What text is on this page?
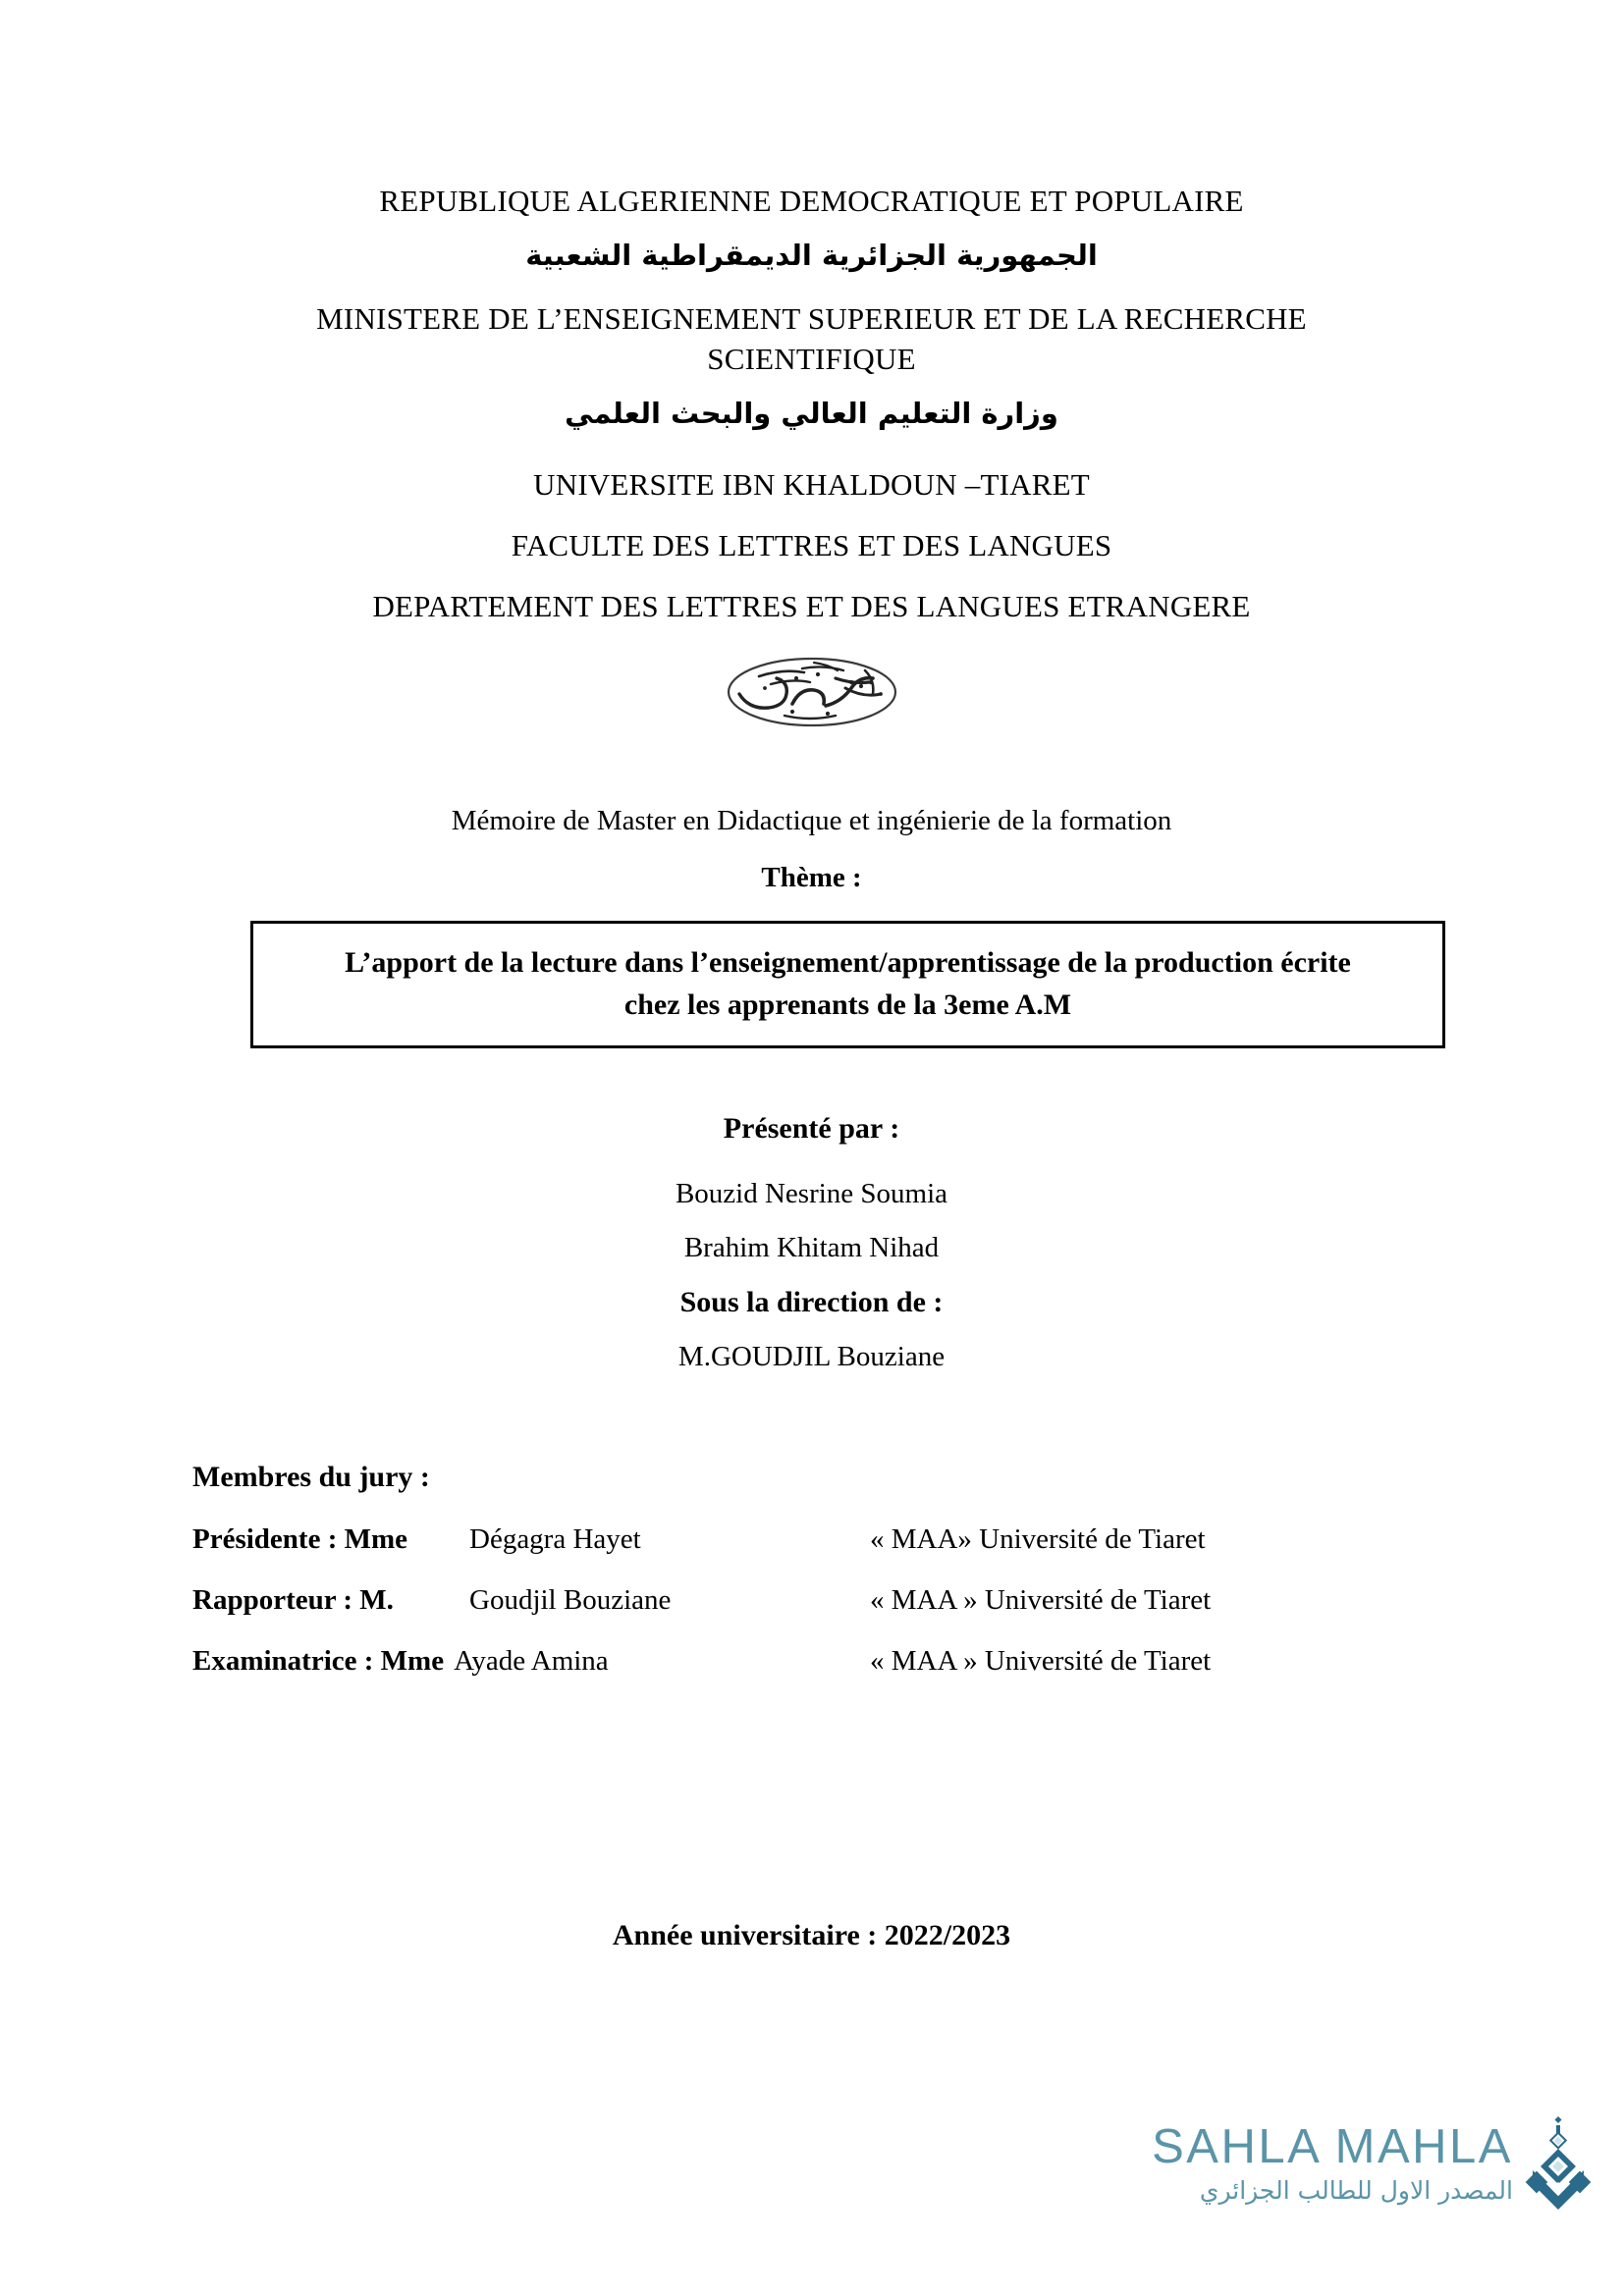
REPUBLIQUE ALGERIENNE DEMOCRATIQUE ET POPULAIRE
الجمهورية الجزائرية الديمقراطية الشعبية
MINISTERE DE L’ENSEIGNEMENT SUPERIEUR ET DE LA RECHERCHE SCIENTIFIQUE
وزارة التعليم العالي والبحث العلمي
UNIVERSITE IBN KHALDOUN –TIARET
FACULTE DES LETTRES ET DES LANGUES
DEPARTEMENT DES LETTRES ET DES LANGUES ETRANGERE
Mémoire de Master en Didactique et ingénierie de la formation
Thème :
L’apport de la lecture dans l’enseignement/apprentissage de la production écrite
chez les apprenants de la 3eme A.M
Présenté par :
Bouzid Nesrine Soumia
Brahim Khitam Nihad
Sous la direction de :
M.GOUDJIL Bouziane
Membres du jury :
Présidente : Mme	Dégagra Hayet	« MAA» Université de Tiaret
Rapporteur : M.	Goudjil Bouziane	« MAA » Université de Tiaret
Examinatrice : Mme Ayade Amina	« MAA » Université de Tiaret
Année universitaire : 2022/2023
SAHLA MAHLA
المصدر الاول للطالب الجزائري
